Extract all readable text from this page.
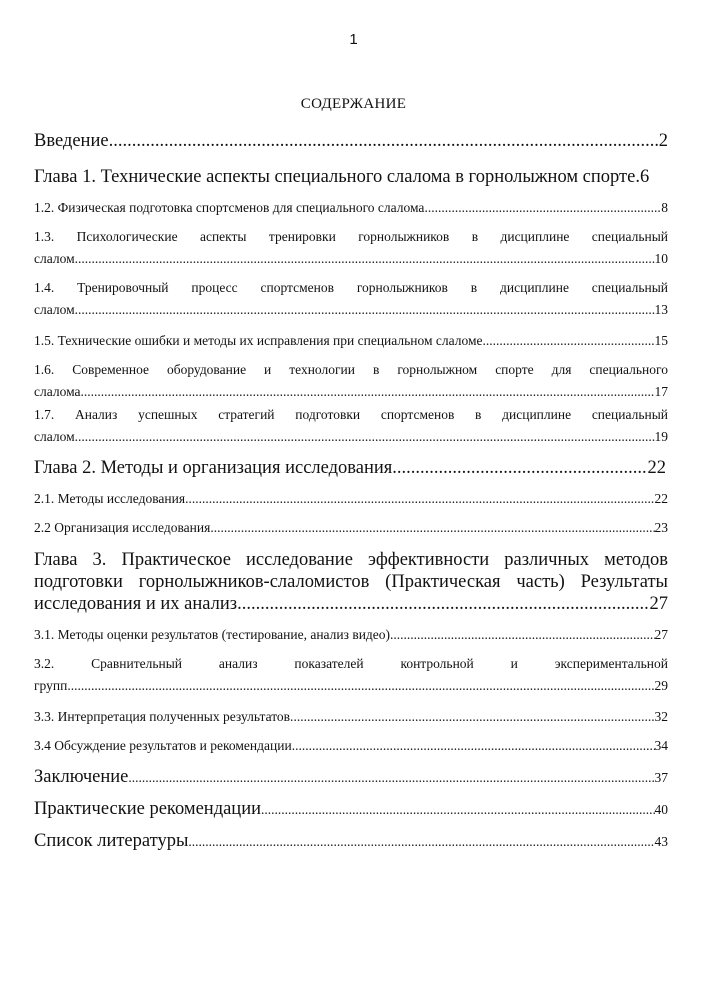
1
СОДЕРЖАНИЕ
Введение .....	2
Глава 1. Технические аспекты специального слалома в горнолыжном спорте. 6
1.2. Физическая подготовка спортсменов для специального слалома .....	8
1.3. Психологические аспекты тренировки горнолыжников в дисциплине специальный
слалом .....	10
1.4. Тренировочный процесс спортсменов горнолыжников в дисциплине специальный
слалом .....	13
1.5. Технические ошибки и методы их исправления при специальном слаломе .....	15
1.6. Современное оборудование и технологии в горнолыжном спорте для специального
слалома .....	17
1.7. Анализ успешных стратегий подготовки спортсменов в дисциплине специальный
слалом .....	19
Глава 2. Методы и организация исследования .....	22
2.1. Методы исследования .....	22
2.2 Организация исследования .....	23
Глава 3. Практическое исследование эффективности различных методов
подготовки горнолыжников-слаломистов (Практическая часть) Результаты
исследования и их анализ .....	27
3.1. Методы оценки результатов (тестирование, анализ видео) .....	27
3.2. Сравнительный анализ показателей контрольной и экспериментальной
групп .....	29
3.3. Интерпретация полученных результатов. .....	32
3.4 Обсуждение результатов и рекомендации .....	34
Заключение .....	37
Практические рекомендации .....	40
Список литературы .....	43
